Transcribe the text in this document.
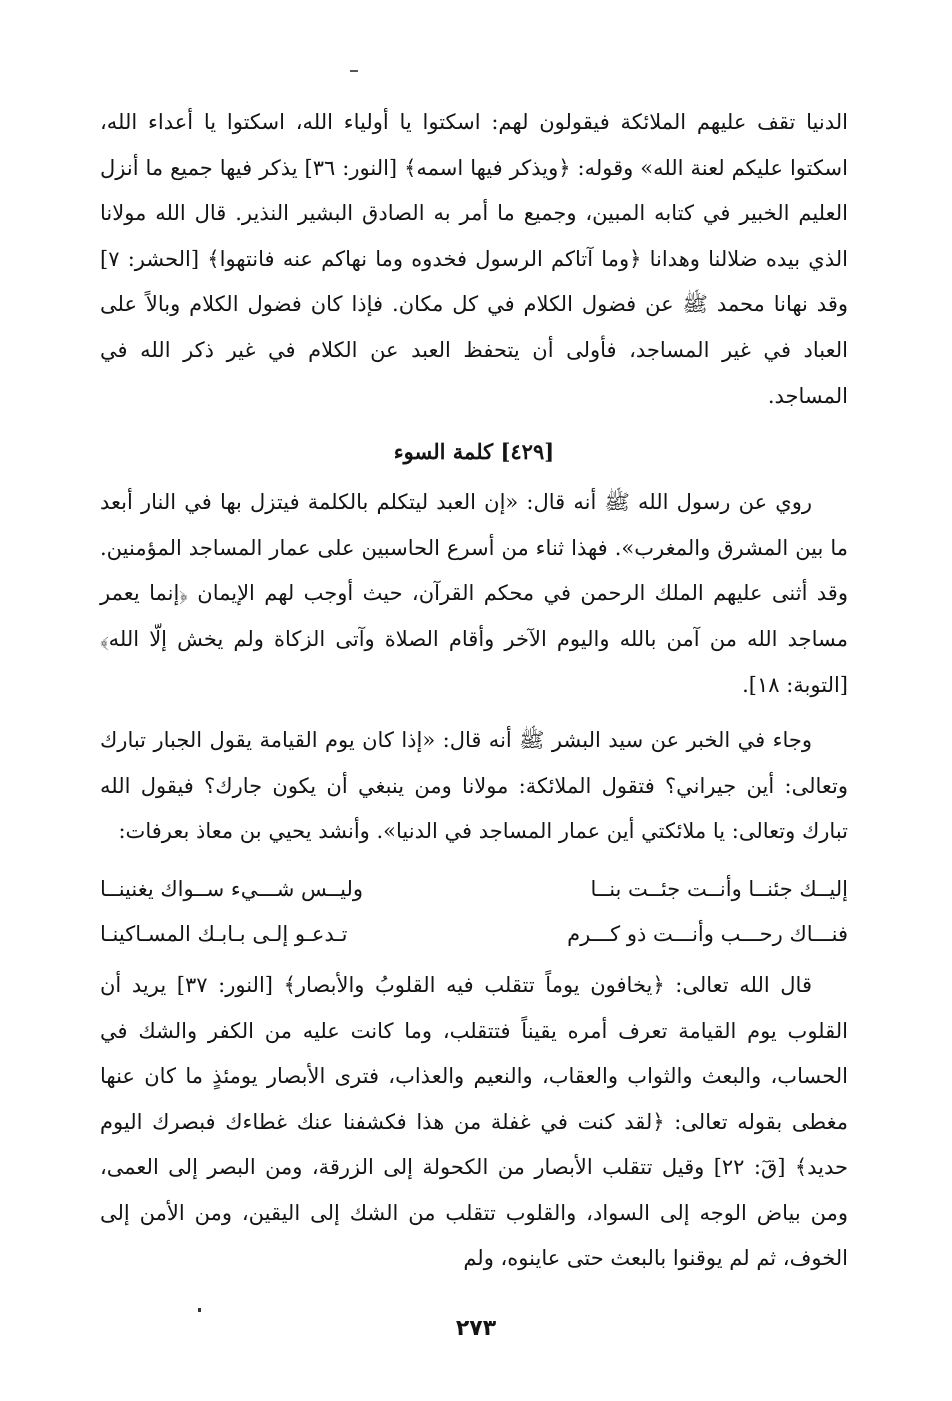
الدنيا تقف عليهم الملائكة فيقولون لهم: اسكتوا يا أولياء الله، اسكتوا يا أعداء الله، اسكتوا عليكم لعنة الله» وقوله: ﴿ويذكر فيها اسمه﴾ [النور: ٣٦] يذكر فيها جميع ما أنزل العليم الخبير في كتابه المبين، وجميع ما أمر به الصادق البشير النذير. قال الله مولانا الذي بيده ضلالنا وهدانا ﴿وما آتاكم الرسول فخدوه وما نهاكم عنه فانتهوا﴾ [الحشر: ٧] وقد نهانا محمد ﷺ عن فضول الكلام في كل مكان. فإذا كان فضول الكلام وبالاً على العباد في غير المساجد، فأولى أن يتحفظ العبد عن الكلام في غير ذكر الله في المساجد.

[٤٢٩] كلمة السوء

روي عن رسول الله ﷺ أنه قال: «إن العبد ليتكلم بالكلمة فيتزل بها في النار أبعد ما بين المشرق والمغرب». فهذا ثناء من أسرع الحاسبين على عمار المساجد المؤمنين. وقد أثنى عليهم الملك الرحمن في محكم القرآن، حيث أوجب لهم الإيمان ﴿إنما يعمر مساجد الله من آمن بالله واليوم الآخر وأقام الصلاة وآتى الزكاة ولم يخش إلّا الله﴾ [التوبة: ١٨].

وجاء في الخبر عن سيد البشر ﷺ أنه قال: «إذا كان يوم القيامة يقول الجبار تبارك وتعالى: أين جيراني؟ فتقول الملائكة: مولانا ومن ينبغي أن يكون جارك؟ فيقول الله تبارك وتعالى: يا ملائكتي أين عمار المساجد في الدنيا». وأنشد يحيي بن معاذ بعرفات:

إليــك جئنــا وأنــت جئــت بنــا
وليــس شـــيء ســواك يغنينــا
فنـــاك رحـــب وأنـــت ذو كـــرم
تـدعـو إلـى بـابـك المسـاكينـا

قال الله تعالى: ﴿يخافون يوماً تتقلب فيه القلوبُ والأبصار﴾ [النور: ٣٧] يريد أن القلوب يوم القيامة تعرف أمره يقيناً فتتقلب، وما كانت عليه من الكفر والشك في الحساب، والبعث والثواب والعقاب، والنعيم والعذاب، فترى الأبصار يومئذٍ ما كان عنها مغطى بقوله تعالى: ﴿لقد كنت في غفلة من هذا فكشفنا عنك غطاءك فبصرك اليوم حديد﴾ [قٓ: ٢٢] وقيل تتقلب الأبصار من الكحولة إلى الزرقة، ومن البصر إلى العمى، ومن بياض الوجه إلى السواد، والقلوب تتقلب من الشك إلى اليقين، ومن الأمن إلى الخوف، ثم لم يوقنوا بالبعث حتى عاينوه، ولم

٢٧٣
